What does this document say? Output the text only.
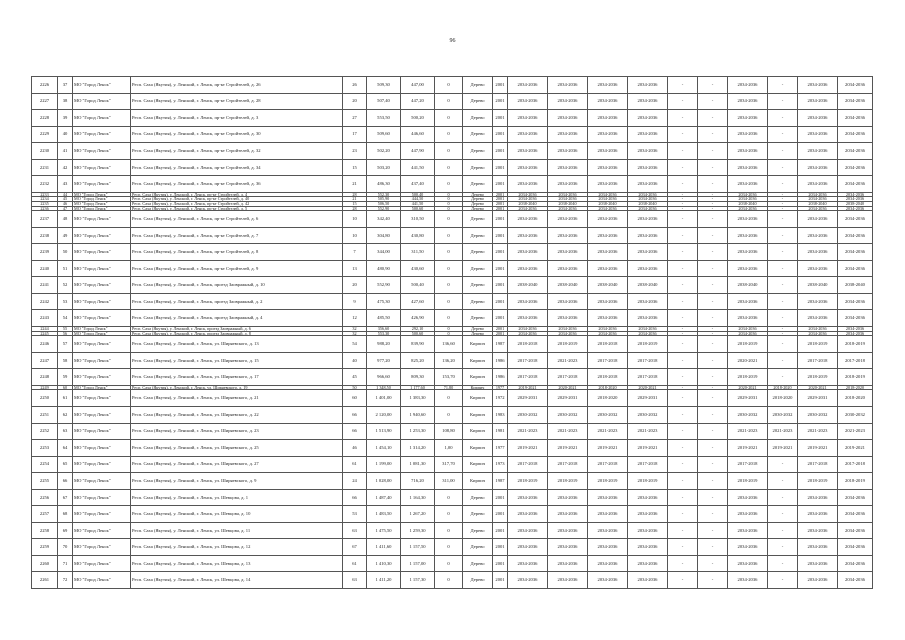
96
2226	37	МО "Город Ленск"	Респ. Саха (Якутия), у. Ленский, г. Ленск, пр-кт Стройтелей, д. 26	26	509,30	447,00	0	Дерево	2001	2034-2036	2034-2036	2034-2036	2034-2036	-	-	2034-2036	-	2034-2036	2034-2036
2227	38	МО "Город Ленск"	Респ. Саха (Якутия), у. Ленский, г. Ленск, пр-кт Стройтелей, д. 28	20	507,40	447,20	0	Дерево	2001	2034-2036	2034-2036	2034-2036	2034-2036	-	-	2034-2036	-	2034-2036	2034-2036
2228	39	МО "Город Ленск"	Респ. Саха (Якутия), у. Ленский, г. Ленск, пр-кт Стройтелей, д. 3	27	553,50	500,20	0	Дерево	2001	2034-2036	2034-2036	2034-2036	2034-2036	-	-	2034-2036	-	2034-2036	2034-2036
2229	40	МО "Город Ленск"	Респ. Саха (Якутия), у. Ленский, г. Ленск, пр-кт Стройтелей, д. 30	17	509,60	446,60	0	Дерево	2001	2034-2036	2034-2036	2034-2036	2034-2036	-	-	2034-2036	-	2034-2036	2034-2036
2230	41	МО "Город Ленск"	Респ. Саха (Якутия), у. Ленский, г. Ленск, пр-кт Стройтелей, д. 32	23	502,20	447,90	0	Дерево	2001	2034-2036	2034-2036	2034-2036	2034-2036	-	-	2034-2036	-	2034-2036	2034-2036
2231	42	МО "Город Ленск"	Респ. Саха (Якутия), у. Ленский, г. Ленск, пр-кт Стройтелей, д. 34	15	503,20	441,50	0	Дерево	2001	2034-2036	2034-2036	2034-2036	2034-2036	-	-	2034-2036	-	2034-2036	2034-2036
2232	43	МО "Город Ленск"	Респ. Саха (Якутия), у. Ленский, г. Ленск, пр-кт Стройтелей, д. 36	21	486,30	437,40	0	Дерево	2001	2034-2036	2034-2036	2034-2036	2034-2036	-	-	2034-2036	-	2034-2036	2034-2036
2233	44	МО "Город Ленск"	Респ. Саха (Якутия), у. Ленский, г. Ленск, пр-кт Стройтелей, д. 4	28	552,30	500,40	0	Дерево	2001	2034-2036	2034-2036	2034-2036	2034-2036	-	-	2034-2036	-	2034-2036	2034-2036
2234	45	МО "Город Ленск"	Респ. Саха (Якутия), у. Ленский, г. Ленск, пр-кт Стройтелей, д. 40	21	505,90	444,50	0	Дерево	2001	2034-2036	2034-2036	2034-2036	2034-2036	-	-	2034-2036	-	2034-2036	2034-2036
2235	46	МО "Город Ленск"	Респ. Саха (Якутия), у. Ленский, г. Ленск, пр-кт Стройтелей, д. 42	15	506,50	441,50	0	Дерево	2001	2038-2040	2038-2040	2038-2040	2038-2040	-	-	2038-2040	-	2038-2040	2038-2040
2236	47	МО "Город Ленск"	Респ. Саха (Якутия), у. Ленский, г. Ленск, пр-кт Стройтелей, д. 5	28	552,90	500,60	0	Дерево	2001	2034-2036	2034-2036	2034-2036	2034-2036	-	-	2034-2036	-	2034-2036	2034-2036
2237	48	МО "Город Ленск"	Респ. Саха (Якутия), у. Ленский, г. Ленск, пр-кт Стройтелей, д. 6	10	342,40	310,50	0	Дерево	2001	2034-2036	2034-2036	2034-2036	2034-2036	-	-	2034-2036	-	2034-2036	2034-2036
2238	49	МО "Город Ленск"	Респ. Саха (Якутия), у. Ленский, г. Ленск, пр-кт Стройтелей, д. 7	10	304,80	430,80	0	Дерево	2001	2034-2036	2034-2036	2034-2036	2034-2036	-	-	2034-2036	-	2034-2036	2034-2036
2239	50	МО "Город Ленск"	Респ. Саха (Якутия), у. Ленский, г. Ленск, пр-кт Стройтелей, д. 8	7	344,00	311,50	0	Дерево	2001	2034-2036	2034-2036	2034-2036	2034-2036	-	-	2034-2036	-	2034-2036	2034-2036
2240	51	МО "Город Ленск"	Респ. Саха (Якутия), у. Ленский, г. Ленск, пр-кт Стройтелей, д. 9	13	480,90	430,60	0	Дерево	2001	2034-2036	2034-2036	2034-2036	2034-2036	-	-	2034-2036	-	2034-2036	2034-2036
2241	52	МО "Город Ленск"	Респ. Саха (Якутия), у. Ленский, г. Ленск, проезд Заовражный, д. 10	20	552,90	500,40	0	Дерево	2001	2038-2040	2038-2040	2038-2040	2038-2040	-	-	2038-2040	-	2038-2040	2038-2040
2242	53	МО "Город Ленск"	Респ. Саха (Якутия), у. Ленский, г. Ленск, проезд Заовражный, д. 2	9	475,30	427,60	0	Дерево	2001	2034-2036	2034-2036	2034-2036	2034-2036	-	-	2034-2036	-	2034-2036	2034-2036
2243	54	МО "Город Ленск"	Респ. Саха (Якутия), у. Ленский, г. Ленск, проезд Заовражный, д. 4	12	485,50	426,90	0	Дерево	2001	2034-2036	2034-2036	2034-2036	2034-2036	-	-	2034-2036	-	2034-2036	2034-2036
2244	55	МО "Город Ленск"	Респ. Саха (Якутия), у. Ленский, г. Ленск, проезд Заовражный, д. 6	32	356,60	292,10	0	Дерево	2001	2034-2036	2034-2036	2034-2036	2034-2036	-	-	2034-2036	-	2034-2036	2034-2036
2245	56	МО "Город Ленск"	Респ. Саха (Якутия), у. Ленский, г. Ленск, проезд Заовражный, д. 8	32	553,30	500,60	0	Дерево	2001	2034-2036	2034-2036	2034-2036	2034-2036	-	-	2034-2036	-	2034-2036	2034-2036
2246	57	МО "Город Ленск"	Респ. Саха (Якутия), у. Ленский, г. Ленск, ул. Ширяевского, д. 13	54	988,20	839,90	136,60	Кирпич	1987	2018-2018	2018-2019	2018-2018	2018-2019	-	-	2018-2019	-	2018-2019	2018-2019
2247	58	МО "Город Ленск"	Респ. Саха (Якутия), у. Ленский, г. Ленск, ул. Ширяевского, д. 15	40	977,20	825,20	136,20	Кирпич	1986	2017-2018	2021-2023	2017-2018	2017-2018	-	-	2020-2021	-	2017-2018	2017-2018
2248	59	МО "Город Ленск"	Респ. Саха (Якутия), у. Ленский, г. Ленск, ул. Ширяевского, д. 17	45	966,60	809,30	153,70	Кирпич	1986	2017-2018	2017-2018	2018-2018	2017-2018	-	-	2018-2019	-	2018-2019	2018-2019
2249	60	МО "Город Ленск"	Респ. Саха (Якутия), у. Ленский, г. Ленск, ул. Ширяевского, д. 19	50	1 348,50	1 177,60	71,80	Кирпич	1977	2019-2021	2020-2021	2018-2020	2020-2021	-	-	2020-2021	2018-2020	2020-2021	2018-2020
2250	61	МО "Город Ленск"	Респ. Саха (Якутия), у. Ленский, г. Ленск, ул. Ширяевского, д. 21	60	1 401,00	1 383,30	0	Кирпич	1972	2029-2031	2029-2031	2018-2020	2029-2031	-	-	2029-2031	2018-2020	2029-2031	2018-2020
2251	62	МО "Город Ленск"	Респ. Саха (Якутия), у. Ленский, г. Ленск, ул. Ширяевского, д. 22	66	2 120,00	1 940,60	0	Кирпич	1983	2030-2032	2030-2032	2030-2032	2030-2032	-	-	2030-2032	2030-2032	2030-2032	2030-2032
2252	63	МО "Город Ленск"	Респ. Саха (Якутия), у. Ленский, г. Ленск, ул. Ширяевского, д. 23	66	1 513,90	1 253,30	108,80	Кирпич	1981	2021-2023	2021-2023	2021-2023	2021-2023	-	-	2021-2023	2021-2023	2021-2023	2021-2023
2253	64	МО "Город Ленск"	Респ. Саха (Якутия), у. Ленский, г. Ленск, ул. Ширяевского, д. 25	46	1 454,10	1 314,20	1,00	Кирпич	1977	2019-2021	2019-2021	2019-2021	2019-2021	-	-	2019-2021	2019-2021	2019-2021	2019-2021
2254	65	МО "Город Ленск"	Респ. Саха (Якутия), у. Ленский, г. Ленск, ул. Ширяевского, д. 27	61	1 199,00	1 081,30	317,70	Кирпич	1973	2017-2018	2017-2018	2017-2018	2017-2018	-	-	2017-2018	-	2017-2018	2017-2018
2255	66	МО "Город Ленск"	Респ. Саха (Якутия), у. Ленский, г. Ленск, ул. Ширяевского, д. 9	24	1 028,00	716,20	311,00	Кирпич	1987	2018-2019	2018-2019	2018-2019	2018-2019	-	-	2018-2019	-	2018-2019	2018-2019
2256	67	МО "Город Ленск"	Респ. Саха (Якутия), у. Ленский, г. Ленск, ул. Шевцова, д. 1	66	1 487,40	1 164,30	0	Дерево	2001	2034-2036	2034-2036	2034-2036	2034-2036	-	-	2034-2036	-	2034-2036	2034-2036
2257	68	МО "Город Ленск"	Респ. Саха (Якутия), у. Ленский, г. Ленск, ул. Шевцова, д. 10	53	1 483,50	1 267,20	0	Дерево	2001	2034-2036	2034-2036	2034-2036	2034-2036	-	-	2034-2036	-	2034-2036	2034-2036
2258	69	МО "Город Ленск"	Респ. Саха (Якутия), у. Ленский, г. Ленск, ул. Шевцова, д. 11	63	1 475,50	1 259,30	0	Дерево	2001	2034-2036	2034-2036	2034-2036	2034-2036	-	-	2034-2036	-	2034-2036	2034-2036
2259	70	МО "Город Ленск"	Респ. Саха (Якутия), у. Ленский, г. Ленск, ул. Шевцова, д. 12	67	1 411,60	1 157,50	0	Дерево	2001	2034-2036	2034-2036	2034-2036	2034-2036	-	-	2034-2036	-	2034-2036	2034-2036
2260	71	МО "Город Ленск"	Респ. Саха (Якутия), у. Ленский, г. Ленск, ул. Шевцова, д. 13	61	1 410,30	1 157,00	0	Дерево	2001	2034-2036	2034-2036	2034-2036	2034-2036	-	-	2034-2036	-	2034-2036	2034-2036
2261	72	МО "Город Ленск"	Респ. Саха (Якутия), у. Ленский, г. Ленск, ул. Шевцова, д. 14	63	1 411,20	1 157,30	0	Дерево	2001	2034-2036	2034-2036	2034-2036	2034-2036	-	-	2034-2036	-	2034-2036	2034-2036
